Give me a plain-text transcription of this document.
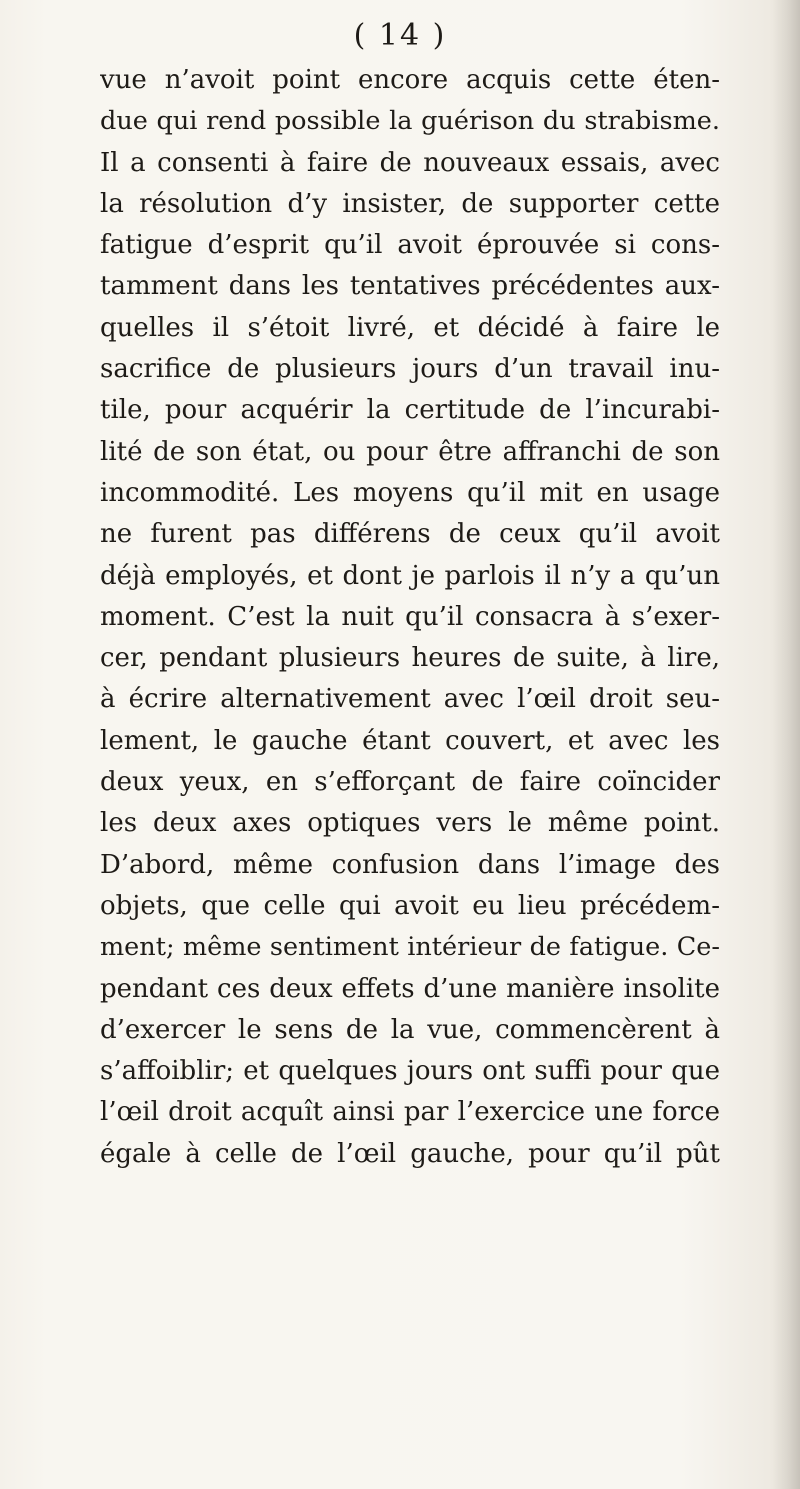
( 14 )
vue n’avoit point encore acquis cette éten-
due qui rend possible la guérison du strabisme.
Il a consenti à faire de nouveaux essais, avec
la résolution d’y insister, de supporter cette
fatigue d’esprit qu’il avoit éprouvée si cons-
tamment dans les tentatives précédentes aux-
quelles il s’étoit livré, et décidé à faire le
sacrifice de plusieurs jours d’un travail inu-
tile, pour acquérir la certitude de l’incurabi-
lité de son état, ou pour être affranchi de son
incommodité. Les moyens qu’il mit en usage
ne furent pas différens de ceux qu’il avoit
déjà employés, et dont je parlois il n’y a qu’un
moment. C’est la nuit qu’il consacra à s’exer-
cer, pendant plusieurs heures de suite, à lire,
à écrire alternativement avec l’œil droit seu-
lement, le gauche étant couvert, et avec les
deux yeux, en s’efforçant de faire coïncider
les deux axes optiques vers le même point.
D’abord, même confusion dans l’image des
objets, que celle qui avoit eu lieu précédem-
ment; même sentiment intérieur de fatigue. Ce-
pendant ces deux effets d’une manière insolite
d’exercer le sens de la vue, commencèrent à
s’affoiblir; et quelques jours ont suffi pour que
l’œil droit acquît ainsi par l’exercice une force
égale à celle de l’œil gauche, pour qu’il pût
